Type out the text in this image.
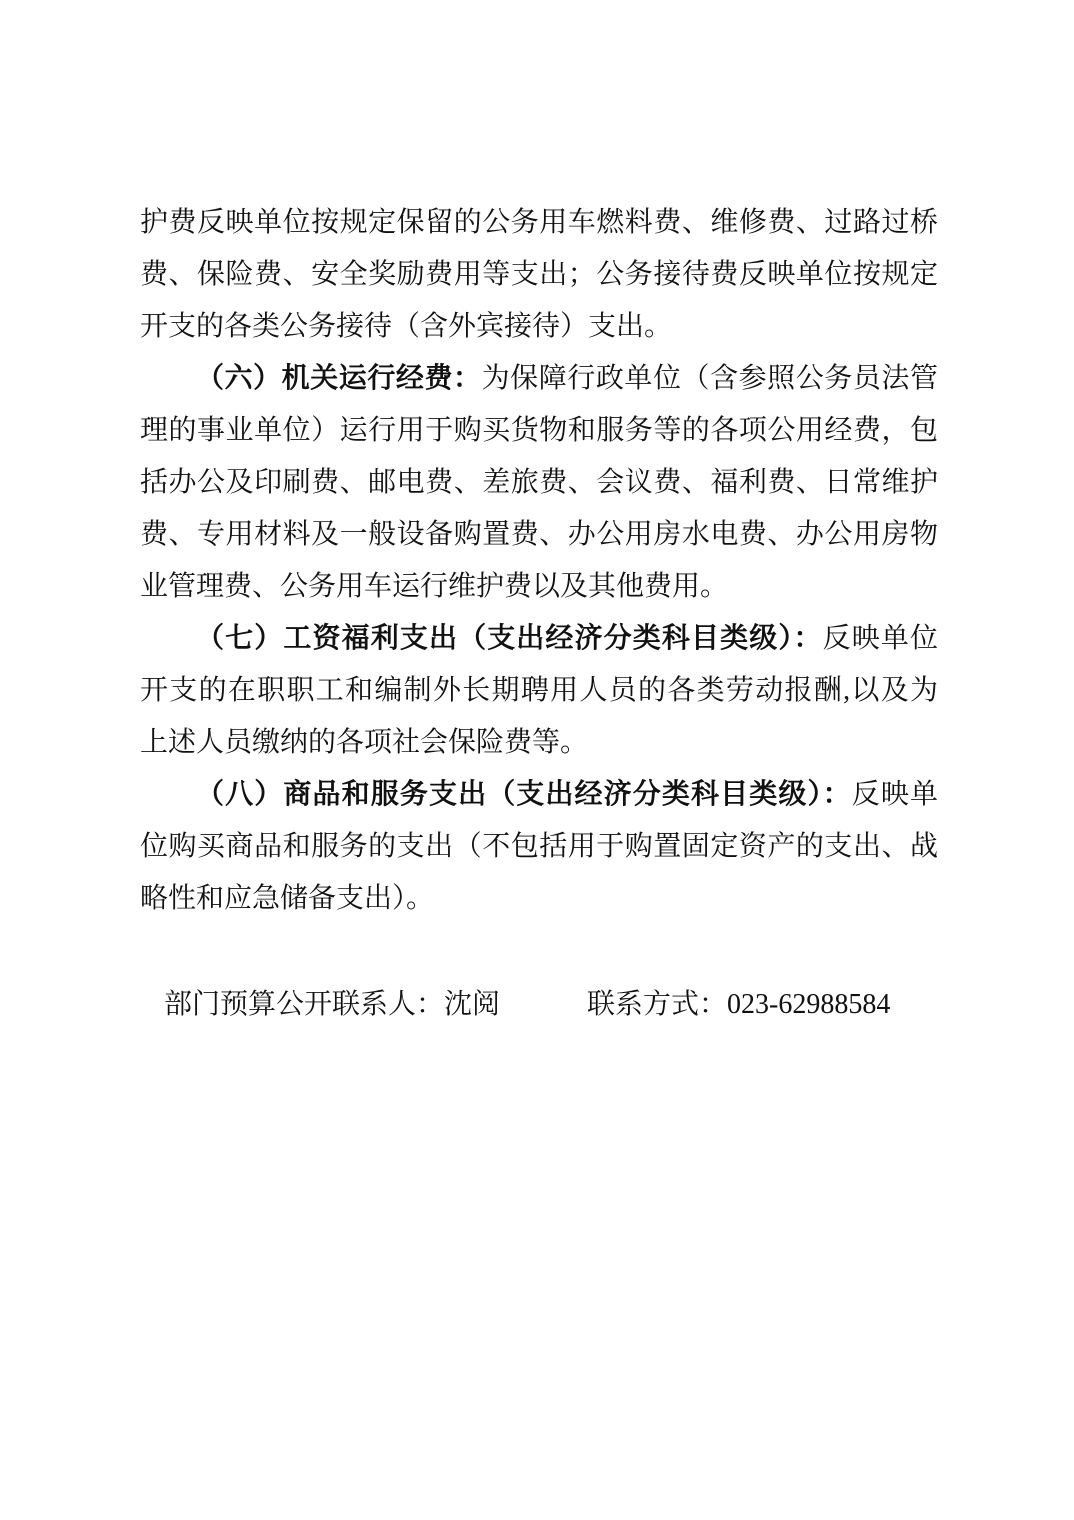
护费反映单位按规定保留的公务用车燃料费、维修费、过路过桥
费、保险费、安全奖励费用等支出；公务接待费反映单位按规定
开支的各类公务接待（含外宾接待）支出。

（六）机关运行经费：为保障行政单位（含参照公务员法管
理的事业单位）运行用于购买货物和服务等的各项公用经费，包
括办公及印刷费、邮电费、差旅费、会议费、福利费、日常维护
费、专用材料及一般设备购置费、办公用房水电费、办公用房物
业管理费、公务用车运行维护费以及其他费用。

（七）工资福利支出（支出经济分类科目类级）：反映单位
开支的在职职工和编制外长期聘用人员的各类劳动报酬,以及为
上述人员缴纳的各项社会保险费等。

（八）商品和服务支出（支出经济分类科目类级）：反映单
位购买商品和服务的支出（不包括用于购置固定资产的支出、战
略性和应急储备支出）。

部门预算公开联系人：沈阅	联系方式：023-62988584
